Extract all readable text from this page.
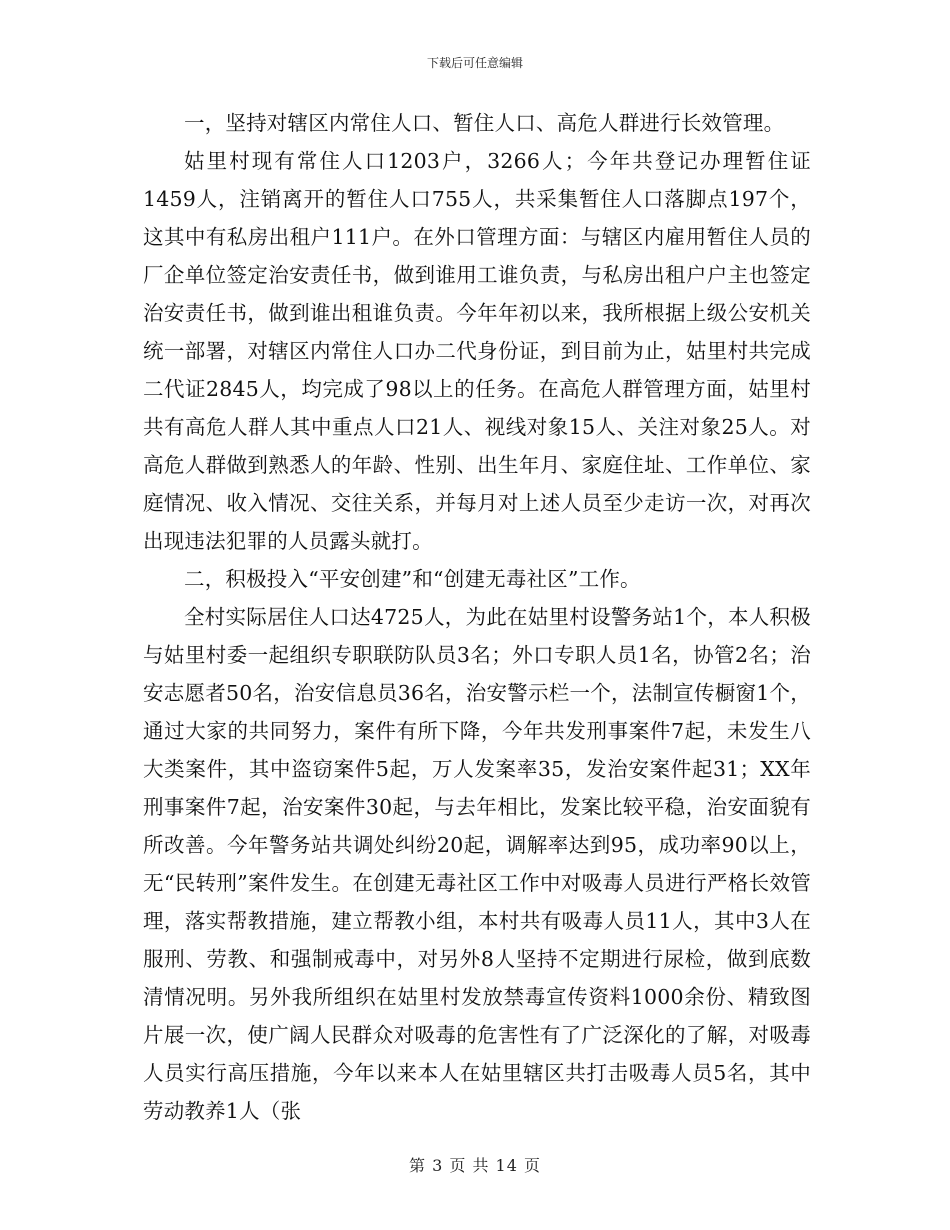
下载后可任意编辑

一，坚持对辖区内常住人口、暂住人口、高危人群进行长效管理。

姑里村现有常住人口1203户，3266人；今年共登记办理暂住证1459人，注销离开的暂住人口755人，共采集暂住人口落脚点197个，这其中有私房出租户111户。在外口管理方面：与辖区内雇用暂住人员的厂企单位签定治安责任书，做到谁用工谁负责，与私房出租户户主也签定治安责任书，做到谁出租谁负责。今年年初以来，我所根据上级公安机关统一部署，对辖区内常住人口办二代身份证，到目前为止，姑里村共完成二代证2845人，均完成了98以上的任务。在高危人群管理方面，姑里村共有高危人群人其中重点人口21人、视线对象15人、关注对象25人。对高危人群做到熟悉人的年龄、性别、出生年月、家庭住址、工作单位、家庭情况、收入情况、交往关系，并每月对上述人员至少走访一次，对再次出现违法犯罪的人员露头就打。

二，积极投入“平安创建”和“创建无毒社区”工作。

全村实际居住人口达4725人，为此在姑里村设警务站1个，本人积极与姑里村委一起组织专职联防队员3名；外口专职人员1名，协管2名；治安志愿者50名，治安信息员36名，治安警示栏一个，法制宣传橱窗1个，通过大家的共同努力，案件有所下降，今年共发刑事案件7起，未发生八大类案件，其中盗窃案件5起，万人发案率35，发治安案件起31；XX年刑事案件7起，治安案件30起，与去年相比，发案比较平稳，治安面貌有所改善。今年警务站共调处纠纷20起，调解率达到95，成功率90以上，无“民转刑”案件发生。在创建无毒社区工作中对吸毒人员进行严格长效管理，落实帮教措施，建立帮教小组，本村共有吸毒人员11人，其中3人在服刑、劳教、和强制戒毒中，对另外8人坚持不定期进行尿检，做到底数清情况明。另外我所组织在姑里村发放禁毒宣传资料1000余份、精致图片展一次，使广阔人民群众对吸毒的危害性有了广泛深化的了解，对吸毒人员实行高压措施，今年以来本人在姑里辖区共打击吸毒人员5名，其中劳动教养1人（张

第 3 页 共 14 页
